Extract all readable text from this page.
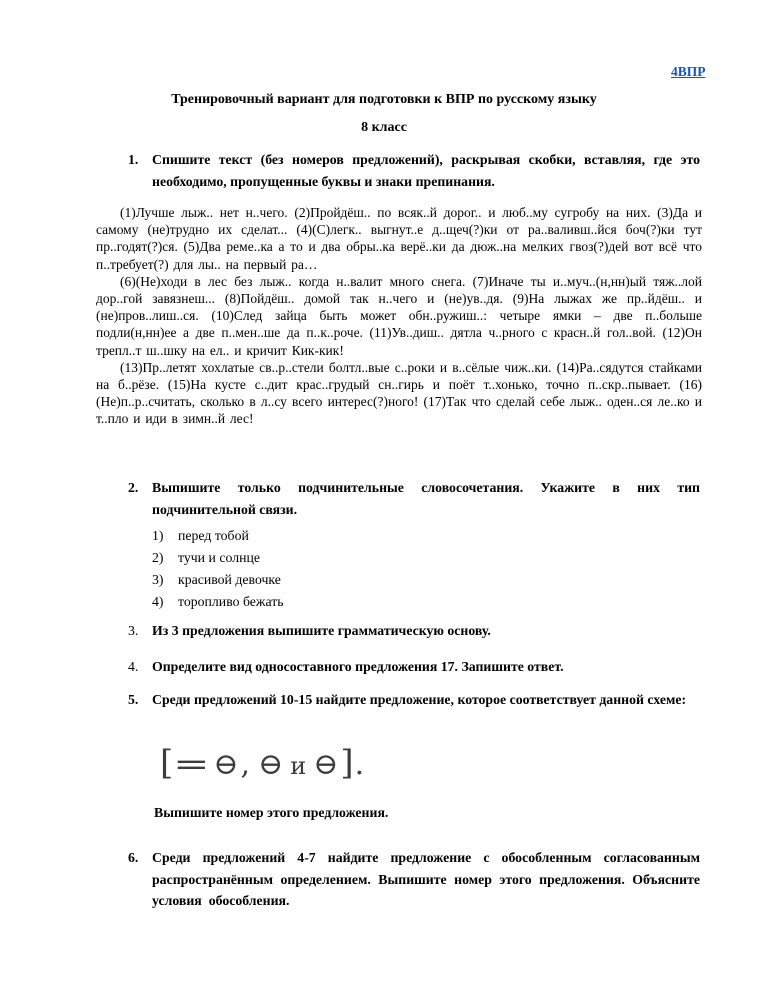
4ВПР
Тренировочный вариант для подготовки к ВПР по русскому языку
8 класс
1. Спишите текст (без номеров предложений), раскрывая скобки, вставляя, где это необходимо, пропущенные буквы и знаки препинания.

(1)Лучше лыж.. нет н..чего. (2)Пройдёш.. по всяк..й дорог.. и люб..му сугробу на них. (3)Да и самому (не)трудно их сделат... (4)(С)легк.. выгнут..е д..щеч(?)ки от ра..валивш..йся боч(?)ки тут пр..годят(?)ся. (5)Два реме..ка а то и два обры..ка верё..ки да дюж..на мелких гвоз(?)дей вот всё что п..требует(?) для лы.. на первый ра…

(6)(Не)ходи в лес без лыж.. когда н..валит много снега. (7)Иначе ты и..муч..(н,нн)ый тяж..лой дор..гой завязнеш... (8)Пойдёш.. домой так н..чего и (не)ув..дя. (9)На лыжах же пр..йдёш.. и (не)пров..лиш..ся. (10)След зайца быть может обн..ружиш..: четыре ямки – две п..больше подли(н,нн)ее а две п..мен..ше да п..к..роче. (11)Ув..диш.. дятла ч..рного с красн..й гол..вой. (12)Он трепл..т ш..шку на ел.. и кричит Кик-кик!

(13)Пр..летят хохлатые св..р..стели болтл..вые с..роки и в..сёлые чиж..ки. (14)Ра..сядутся стайками на б..рёзе. (15)На кусте с..дит крас..грудый сн..гирь и поёт т..хонько, точно п..скр..пывает. (16)(Не)п..р..считать, сколько в л..су всего интерес(?)ного! (17)Так что сделай себе лыж.. оден..ся ле..ко и т..пло и иди в зимн..й лес!

2. Выпишите только подчинительные словосочетания. Укажите в них тип подчинительной связи.
1) перед тобой
2) тучи и солнце
3) красивой девочке
4) торопливо бежать
3. Из 3 предложения выпишите грамматическую основу.
4. Определите вид односоставного предложения 17. Запишите ответ.
5. Среди предложений 10-15 найдите предложение, которое соответствует данной схеме:
[=⊖, ⊖ и ⊖].
Выпишите номер этого предложения.
6. Среди предложений 4-7 найдите предложение с обособленным согласованным распространённым определением. Выпишите номер этого предложения. Объясните условия обособления.
